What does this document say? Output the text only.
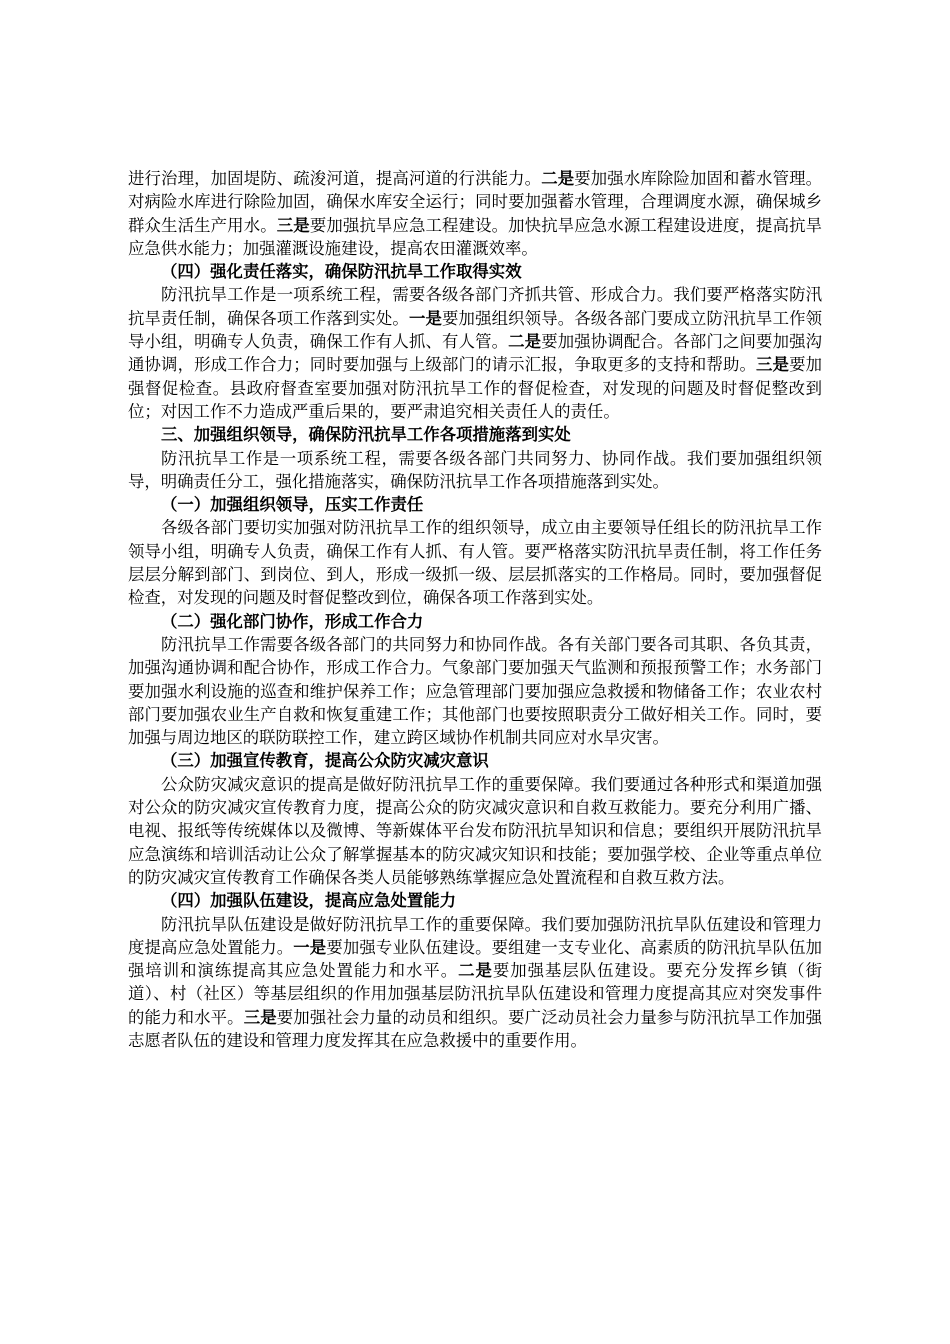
进行治理，加固堤防、疏浚河道，提高河道的行洪能力。二是要加强水库除险加固和蓄水管理。对病险水库进行除险加固，确保水库安全运行；同时要加强蓄水管理，合理调度水源，确保城乡群众生活生产用水。三是要加强抗旱应急工程建设。加快抗旱应急水源工程建设进度，提高抗旱应急供水能力；加强灌溉设施建设，提高农田灌溉效率。

（四）强化责任落实，确保防汛抗旱工作取得实效

防汛抗旱工作是一项系统工程，需要各级各部门齐抓共管、形成合力。我们要严格落实防汛抗旱责任制，确保各项工作落到实处。一是要加强组织领导。各级各部门要成立防汛抗旱工作领导小组，明确专人负责，确保工作有人抓、有人管。二是要加强协调配合。各部门之间要加强沟通协调，形成工作合力；同时要加强与上级部门的请示汇报，争取更多的支持和帮助。三是要加强督促检查。县政府督查室要加强对防汛抗旱工作的督促检查，对发现的问题及时督促整改到位；对因工作不力造成严重后果的，要严肃追究相关责任人的责任。

三、加强组织领导，确保防汛抗旱工作各项措施落到实处

防汛抗旱工作是一项系统工程，需要各级各部门共同努力、协同作战。我们要加强组织领导，明确责任分工，强化措施落实，确保防汛抗旱工作各项措施落到实处。

（一）加强组织领导，压实工作责任

各级各部门要切实加强对防汛抗旱工作的组织领导，成立由主要领导任组长的防汛抗旱工作领导小组，明确专人负责，确保工作有人抓、有人管。要严格落实防汛抗旱责任制，将工作任务层层分解到部门、到岗位、到人，形成一级抓一级、层层抓落实的工作格局。同时，要加强督促检查，对发现的问题及时督促整改到位，确保各项工作落到实处。

（二）强化部门协作，形成工作合力

防汛抗旱工作需要各级各部门的共同努力和协同作战。各有关部门要各司其职、各负其责，加强沟通协调和配合协作，形成工作合力。气象部门要加强天气监测和预报预警工作；水务部门要加强水利设施的巡查和维护保养工作；应急管理部门要加强应急救援和物储备工作；农业农村部门要加强农业生产自救和恢复重建工作；其他部门也要按照职责分工做好相关工作。同时，要加强与周边地区的联防联控工作，建立跨区域协作机制共同应对水旱灾害。

（三）加强宣传教育，提高公众防灾减灾意识

公众防灾减灾意识的提高是做好防汛抗旱工作的重要保障。我们要通过各种形式和渠道加强对公众的防灾减灾宣传教育力度，提高公众的防灾减灾意识和自救互救能力。要充分利用广播、电视、报纸等传统媒体以及微博、等新媒体平台发布防汛抗旱知识和信息；要组织开展防汛抗旱应急演练和培训活动让公众了解掌握基本的防灾减灾知识和技能；要加强学校、企业等重点单位的防灾减灾宣传教育工作确保各类人员能够熟练掌握应急处置流程和自救互救方法。

（四）加强队伍建设，提高应急处置能力

防汛抗旱队伍建设是做好防汛抗旱工作的重要保障。我们要加强防汛抗旱队伍建设和管理力度提高应急处置能力。一是要加强专业队伍建设。要组建一支专业化、高素质的防汛抗旱队伍加强培训和演练提高其应急处置能力和水平。二是要加强基层队伍建设。要充分发挥乡镇（街道）、村（社区）等基层组织的作用加强基层防汛抗旱队伍建设和管理力度提高其应对突发事件的能力和水平。三是要加强社会力量的动员和组织。要广泛动员社会力量参与防汛抗旱工作加强志愿者队伍的建设和管理力度发挥其在应急救援中的重要作用。
